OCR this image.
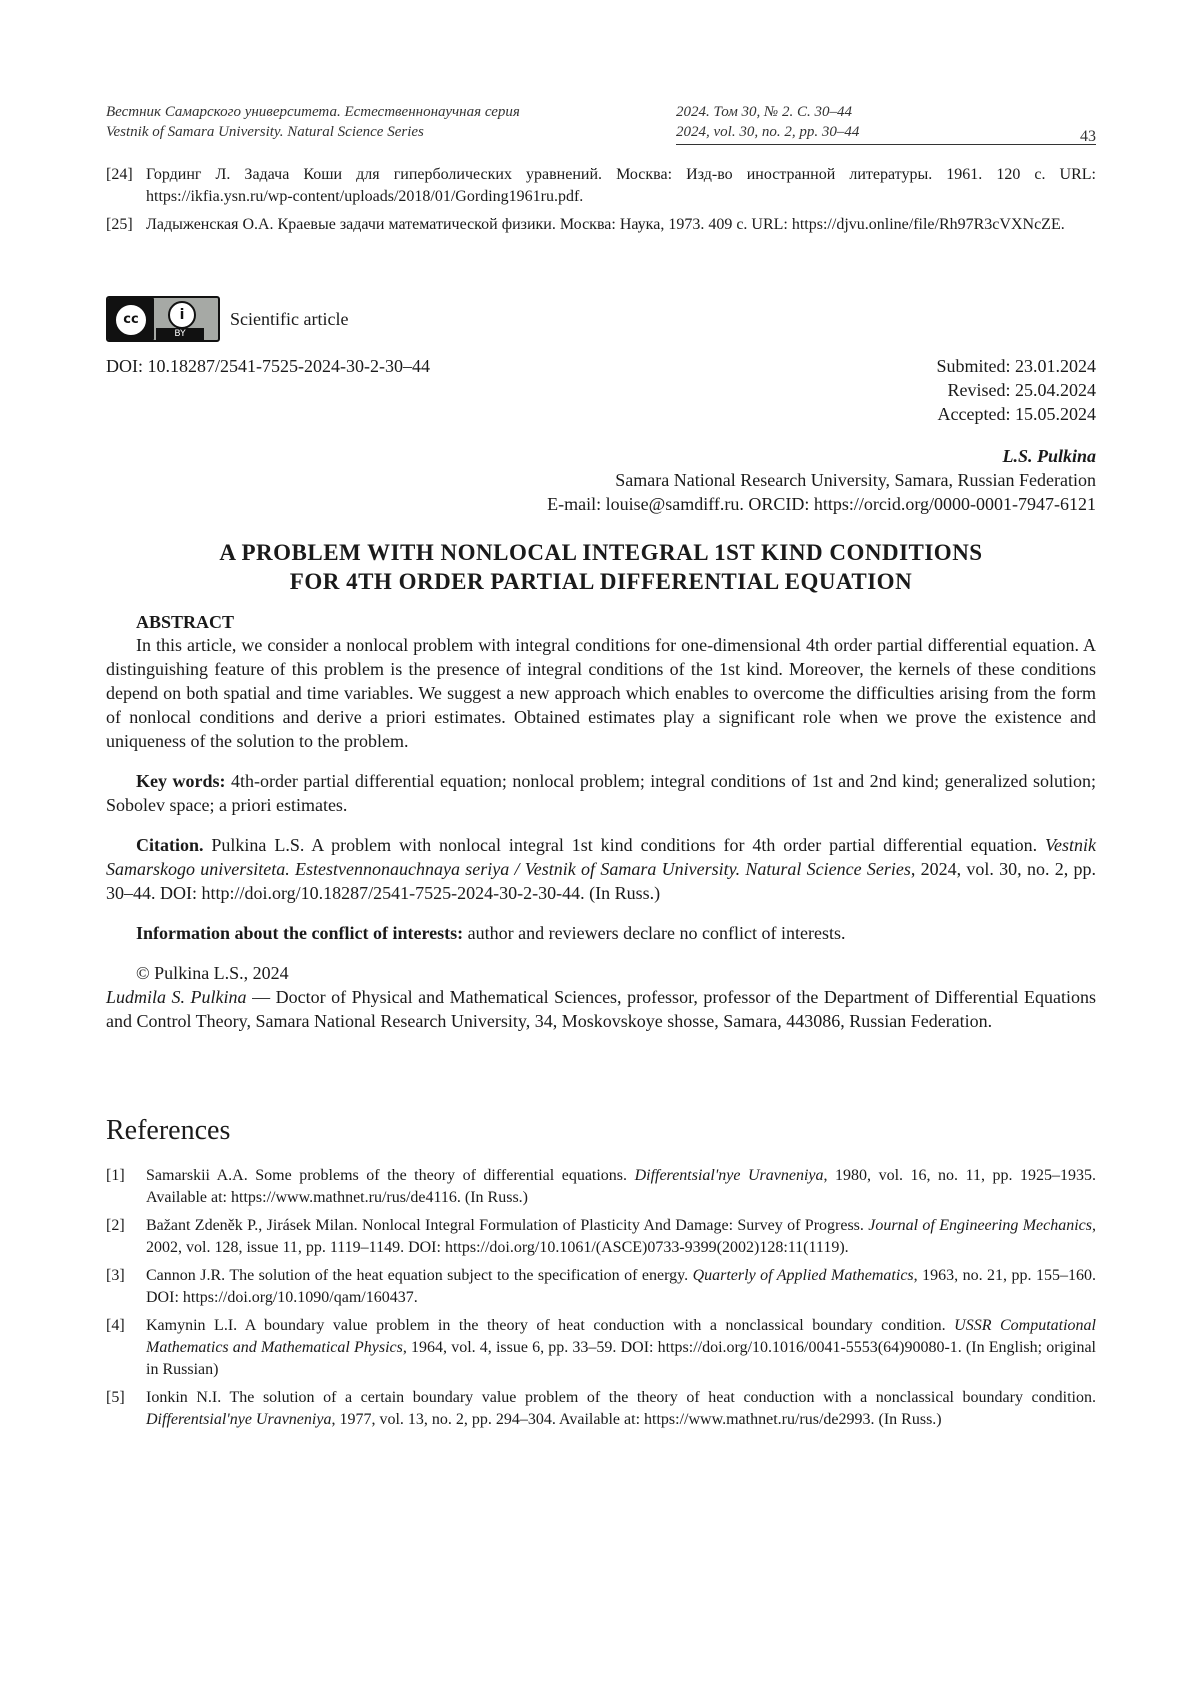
Вестник Самарского университета. Естественнонаучная серия
Vestnik of Samara University. Natural Science Series
2024. Том 30, № 2. С. 30–44
2024, vol. 30, no. 2, pp. 30–44	43
[24] Гординг Л. Задача Коши для гиперболических уравнений. Москва: Изд-во иностранной литературы. 1961. 120 с. URL: https://ikfia.ysn.ru/wp-content/uploads/2018/01/Gording1961ru.pdf.
[25] Ладыженская О.А. Краевые задачи математической физики. Москва: Наука, 1973. 409 с. URL: https://djvu.online/file/Rh97R3cVXNcZE.
cc	i
BY
Scientific article
DOI: 10.18287/2541-7525-2024-30-2-30–44	Submited: 23.01.2024
Revised: 25.04.2024
Accepted: 15.05.2024
L.S. Pulkina
Samara National Research University, Samara, Russian Federation
E-mail: louise@samdiff.ru. ORCID: https://orcid.org/0000-0001-7947-6121
A PROBLEM WITH NONLOCAL INTEGRAL 1ST KIND CONDITIONS
FOR 4TH ORDER PARTIAL DIFFERENTIAL EQUATION
ABSTRACT

In this article, we consider a nonlocal problem with integral conditions for one-dimensional 4th order partial differential equation. A distinguishing feature of this problem is the presence of integral conditions of the 1st kind. Moreover, the kernels of these conditions depend on both spatial and time variables. We suggest a new approach which enables to overcome the difficulties arising from the form of nonlocal conditions and derive a priori estimates. Obtained estimates play a significant role when we prove the existence and uniqueness of the solution to the problem.

Key words: 4th-order partial differential equation; nonlocal problem; integral conditions of 1st and 2nd kind; generalized solution; Sobolev space; a priori estimates.

Citation. Pulkina L.S. A problem with nonlocal integral 1st kind conditions for 4th order partial differential equation. Vestnik Samarskogo universiteta. Estestvennonauchnaya seriya / Vestnik of Samara University. Natural Science Series, 2024, vol. 30, no. 2, pp. 30–44. DOI: http://doi.org/10.18287/2541-7525-2024-30-2-30-44. (In Russ.)

Information about the conflict of interests: author and reviewers declare no conflict of interests.

© Pulkina L.S., 2024

Ludmila S. Pulkina — Doctor of Physical and Mathematical Sciences, professor, professor of the Department of Differential Equations and Control Theory, Samara National Research University, 34, Moskovskoye shosse, Samara, 443086, Russian Federation.

References
[1]	Samarskii A.A. Some problems of the theory of differential equations. Differentsial'nye Uravneniya, 1980, vol. 16, no. 11, pp. 1925–1935. Available at: https://www.mathnet.ru/rus/de4116. (In Russ.)
[2]	Bažant Zdeněk P., Jirásek Milan. Nonlocal Integral Formulation of Plasticity And Damage: Survey of Progress. Journal of Engineering Mechanics, 2002, vol. 128, issue 11, pp. 1119–1149. DOI: https://doi.org/10.1061/(ASCE)0733-9399(2002)128:11(1119).
[3]	Cannon J.R. The solution of the heat equation subject to the specification of energy. Quarterly of Applied Mathematics, 1963, no. 21, pp. 155–160. DOI: https://doi.org/10.1090/qam/160437.
[4]	Kamynin L.I. A boundary value problem in the theory of heat conduction with a nonclassical boundary condition. USSR Computational Mathematics and Mathematical Physics, 1964, vol. 4, issue 6, pp. 33–59. DOI: https://doi.org/10.1016/0041-5553(64)90080-1. (In English; original in Russian)
[5]	Ionkin N.I. The solution of a certain boundary value problem of the theory of heat conduction with a nonclassical boundary condition. Differentsial'nye Uravneniya, 1977, vol. 13, no. 2, pp. 294–304. Available at: https://www.mathnet.ru/rus/de2993. (In Russ.)
